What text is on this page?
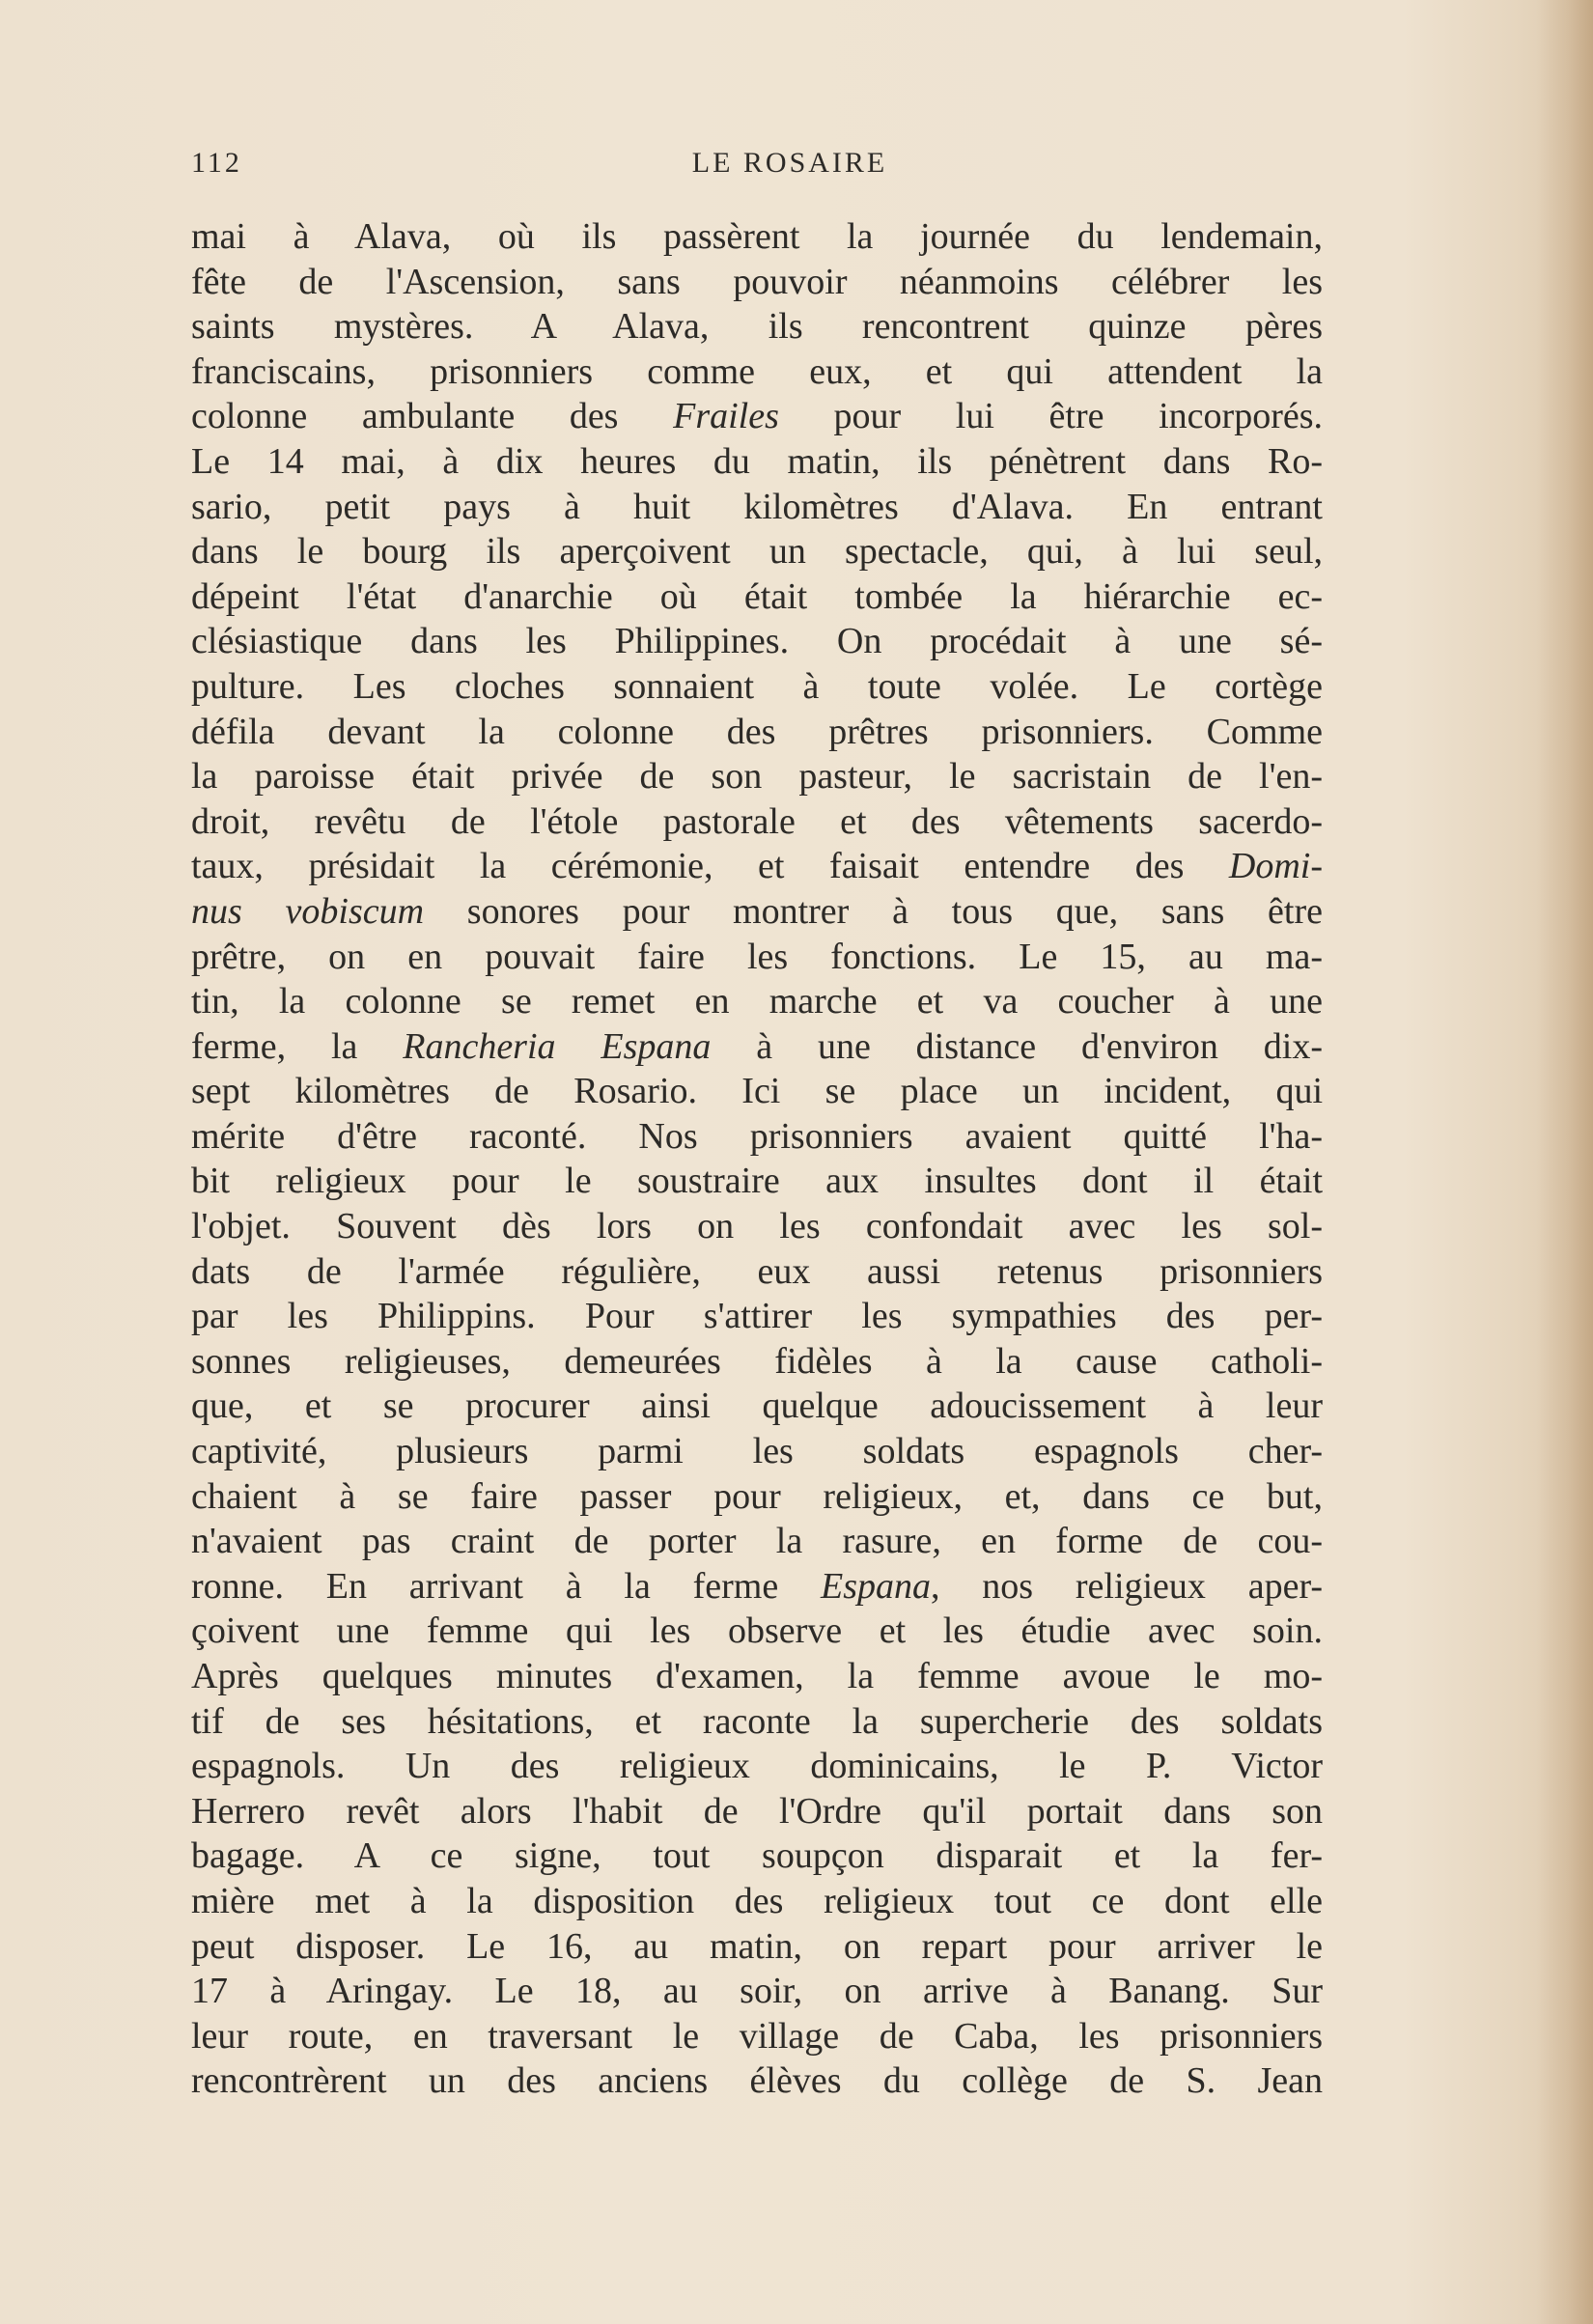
112	LE ROSAIRE
mai à Alava, où ils passèrent la journée du lendemain,
fête de l'Ascension, sans pouvoir néanmoins célébrer les
saints mystères. A Alava, ils rencontrent quinze pères
franciscains, prisonniers comme eux, et qui attendent la
colonne ambulante des Frailes pour lui être incorporés.
Le 14 mai, à dix heures du matin, ils pénètrent dans Ro-
sario, petit pays à huit kilomètres d'Alava. En entrant
dans le bourg ils aperçoivent un spectacle, qui, à lui seul,
dépeint l'état d'anarchie où était tombée la hiérarchie ec-
clésiastique dans les Philippines. On procédait à une sé-
pulture. Les cloches sonnaient à toute volée. Le cortège
défila devant la colonne des prêtres prisonniers. Comme
la paroisse était privée de son pasteur, le sacristain de l'en-
droit, revêtu de l'étole pastorale et des vêtements sacerdo-
taux, présidait la cérémonie, et faisait entendre des Domi-
nus vobiscum sonores pour montrer à tous que, sans être
prêtre, on en pouvait faire les fonctions. Le 15, au ma-
tin, la colonne se remet en marche et va coucher à une
ferme, la Rancheria Espana à une distance d'environ dix-
sept kilomètres de Rosario. Ici se place un incident, qui
mérite d'être raconté. Nos prisonniers avaient quitté l'ha-
bit religieux pour le soustraire aux insultes dont il était
l'objet. Souvent dès lors on les confondait avec les sol-
dats de l'armée régulière, eux aussi retenus prisonniers
par les Philippins. Pour s'attirer les sympathies des per-
sonnes religieuses, demeurées fidèles à la cause catholi-
que, et se procurer ainsi quelque adoucissement à leur
captivité, plusieurs parmi les soldats espagnols cher-
chaient à se faire passer pour religieux, et, dans ce but,
n'avaient pas craint de porter la rasure, en forme de cou-
ronne. En arrivant à la ferme Espana, nos religieux aper-
çoivent une femme qui les observe et les étudie avec soin.
Après quelques minutes d'examen, la femme avoue le mo-
tif de ses hésitations, et raconte la supercherie des soldats
espagnols. Un des religieux dominicains, le P. Victor
Herrero revêt alors l'habit de l'Ordre qu'il portait dans son
bagage. A ce signe, tout soupçon disparait et la fer-
mière met à la disposition des religieux tout ce dont elle
peut disposer. Le 16, au matin, on repart pour arriver le
17 à Aringay. Le 18, au soir, on arrive à Banang. Sur
leur route, en traversant le village de Caba, les prisonniers
rencontrèrent un des anciens élèves du collège de S. Jean
